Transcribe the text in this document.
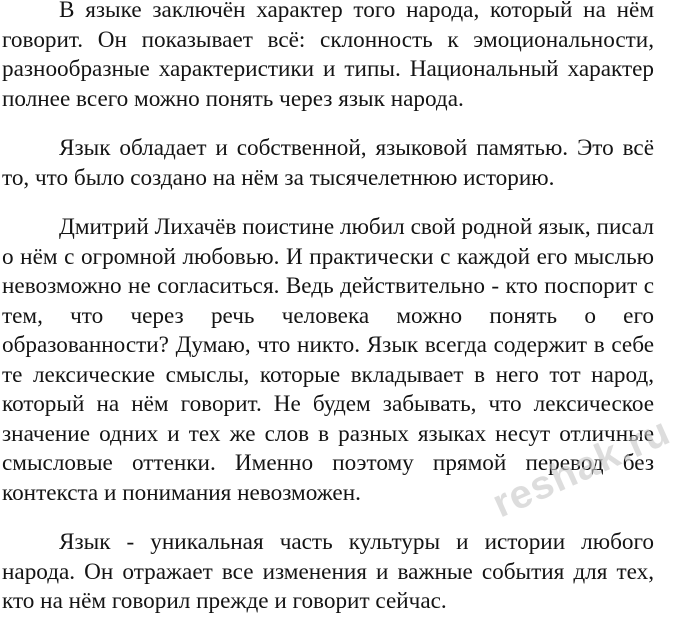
В языке заключён характер того народа, который на нём говорит. Он показывает всё: склонность к эмоциональности, разнообразные характеристики и типы. Национальный характер полнее всего можно понять через язык народа.

Язык обладает и собственной, языковой памятью. Это всё то, что было создано на нём за тысячелетнюю историю.

Дмитрий Лихачёв поистине любил свой родной язык, писал о нём с огромной любовью. И практически с каждой его мыслью невозможно не согласиться. Ведь действительно - кто поспорит с тем, что через речь человека можно понять о его образованности? Думаю, что никто. Язык всегда содержит в себе те лексические смыслы, которые вкладывает в него тот народ, который на нём говорит. Не будем забывать, что лексическое значение одних и тех же слов в разных языках несут отличные смысловые оттенки. Именно поэтому прямой перевод без контекста и понимания невозможен.

Язык - уникальная часть культуры и истории любого народа. Он отражает все изменения и важные события для тех, кто на нём говорил прежде и говорит сейчас.

reshak.ru
